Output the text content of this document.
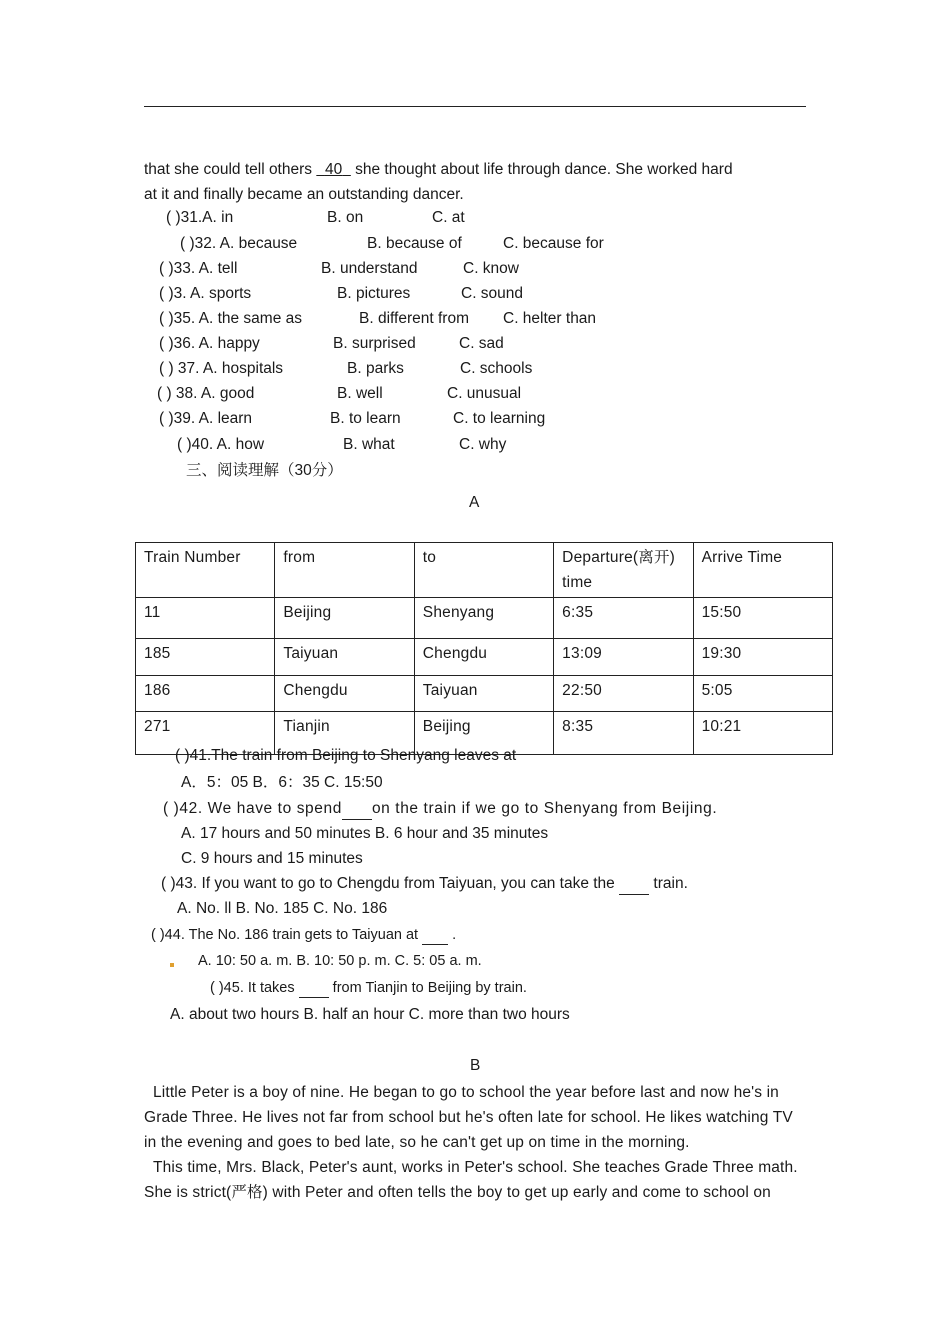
that she could tell others   40   she thought about life through dance. She worked hard
at it and finally became an outstanding dancer.
( )31.A. in	B. on	C. at
( )32. A. because	B. because of	C. because for
( )33. A. tell	B. understand	C. know
( )3. A. sports	B. pictures	C. sound
( )35. A. the same as	B. different from C. helter than
( )36. A. happy	B. surprised	C. sad
( ) 37. A. hospitals	B. parks	C. schools
( ) 38. A. good	B. well	C. unusual
( )39. A. learn	B. to learn	C. to learning
( )40. A. how	B. what	C. why
三、阅读理解（30分）
A
Train Number	from	to	Departure(离开) time	Arrive Time
11	Beijing	Shenyang	6:35	15:50
185	Taiyuan	Chengdu	13:09	19:30
186	Chengdu	Taiyuan	22:50	5:05
271	Tianjin	Beijing	8:35	10:21
( )41.The train from Beijing to Shenyang leaves at
A．5：05 B．6：35 C. 15:50
( )42. We have to spend on the train if we go to Shenyang from Beijing.
A. 17 hours and 50 minutes B. 6 hour and 35 minutes
C. 9 hours and 15 minutes
( )43. If you want to go to Chengdu from Taiyuan, you can take the   train.
A. No. ll B. No. 185 C. No. 186
( )44. The No. 186 train gets to Taiyuan at   .
A. 10: 50 a. m. B. 10: 50 p. m. C. 5: 05 a. m.
( )45. It takes   from Tianjin to Beijing by train.
A. about two hours B. half an hour C. more than two hours
B
Little Peter is a boy of nine. He began to go to school the year before last and now he's in Grade Three. He lives not far from school but he's often late for school. He likes watching TV in the evening and goes to bed late, so he can't get up on time in the morning.
This time, Mrs. Black, Peter's aunt, works in Peter's school. She teaches Grade Three math. She is strict(严格) with Peter and often tells the boy to get up early and come to school on
